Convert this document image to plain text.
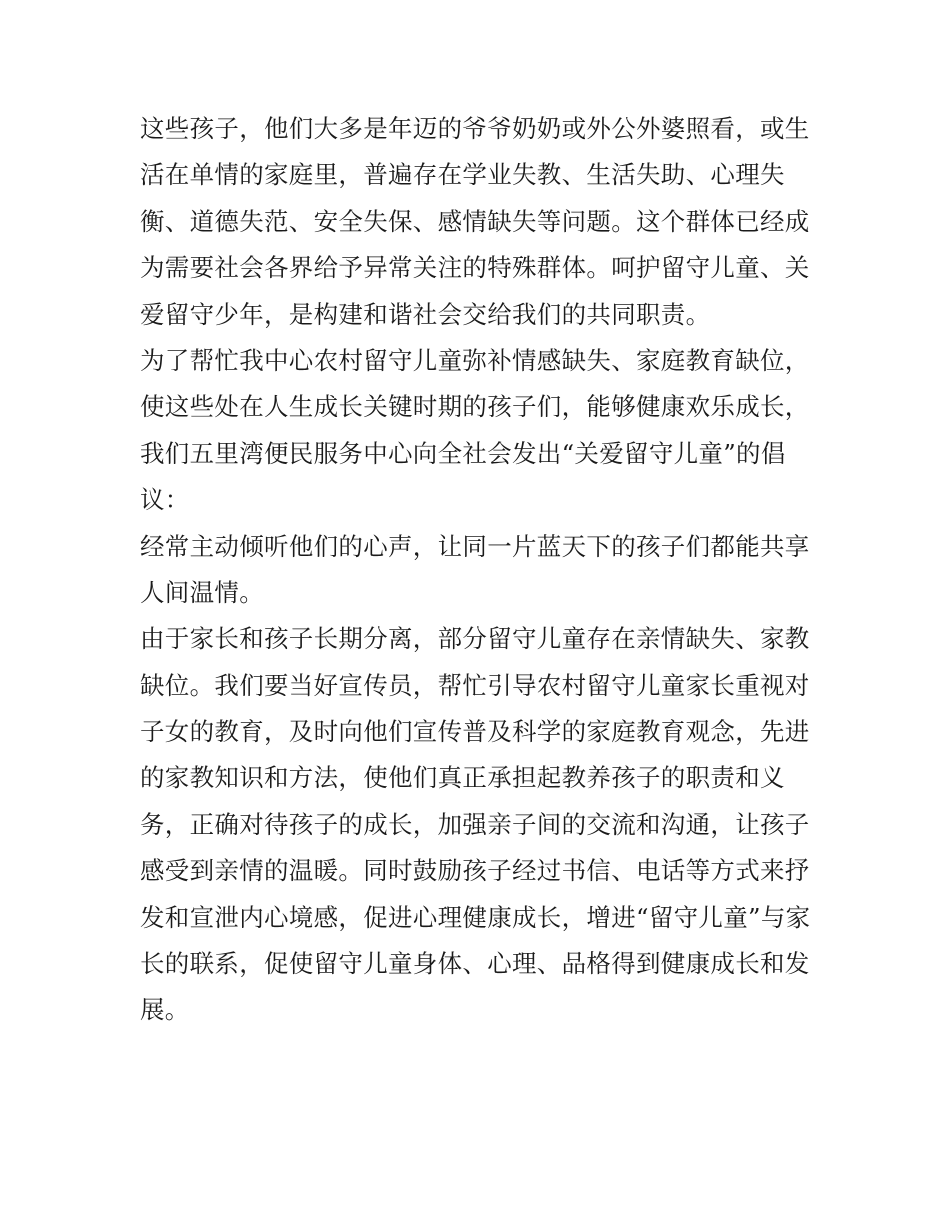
这些孩子，他们大多是年迈的爷爷奶奶或外公外婆照看，或生
活在单情的家庭里，普遍存在学业失教、生活失助、心理失
衡、道德失范、安全失保、感情缺失等问题。这个群体已经成
为需要社会各界给予异常关注的特殊群体。呵护留守儿童、关
爱留守少年，是构建和谐社会交给我们的共同职责。
为了帮忙我中心农村留守儿童弥补情感缺失、家庭教育缺位，
使这些处在人生成长关键时期的孩子们，能够健康欢乐成长，
我们五里湾便民服务中心向全社会发出“关爱留守儿童”的倡
议：
经常主动倾听他们的心声，让同一片蓝天下的孩子们都能共享
人间温情。
由于家长和孩子长期分离，部分留守儿童存在亲情缺失、家教
缺位。我们要当好宣传员，帮忙引导农村留守儿童家长重视对
子女的教育，及时向他们宣传普及科学的家庭教育观念，先进
的家教知识和方法，使他们真正承担起教养孩子的职责和义
务，正确对待孩子的成长，加强亲子间的交流和沟通，让孩子
感受到亲情的温暖。同时鼓励孩子经过书信、电话等方式来抒
发和宣泄内心境感，促进心理健康成长，增进“留守儿童”与家
长的联系，促使留守儿童身体、心理、品格得到健康成长和发
展。
